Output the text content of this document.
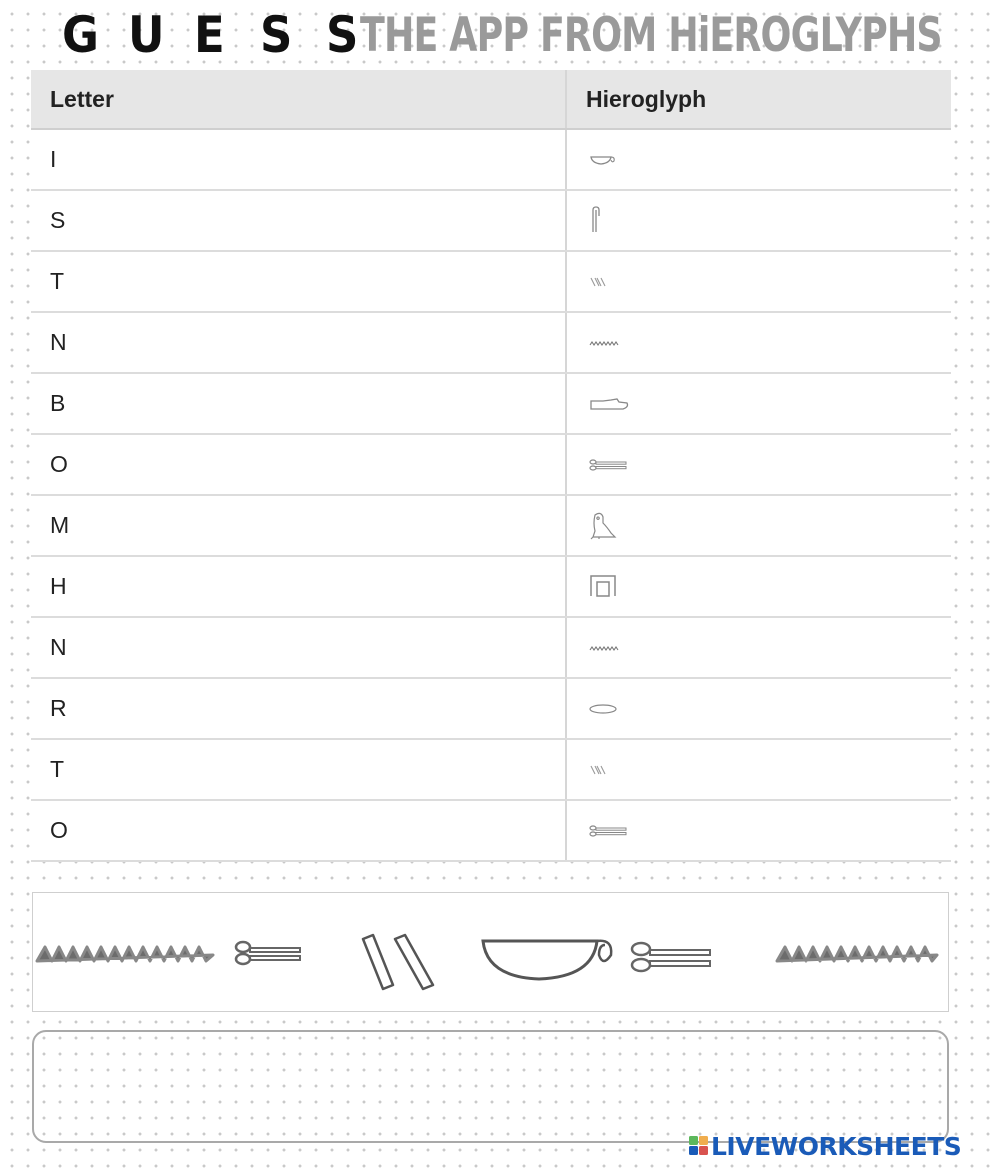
G U E S S THE APP FROM HiEROGLYPHS
Letter	Hieroglyph
I	

S	

T	

N	

B	

O	

M	

H	

N	

R	

T	

O	
LIVEWORKSHEETS
